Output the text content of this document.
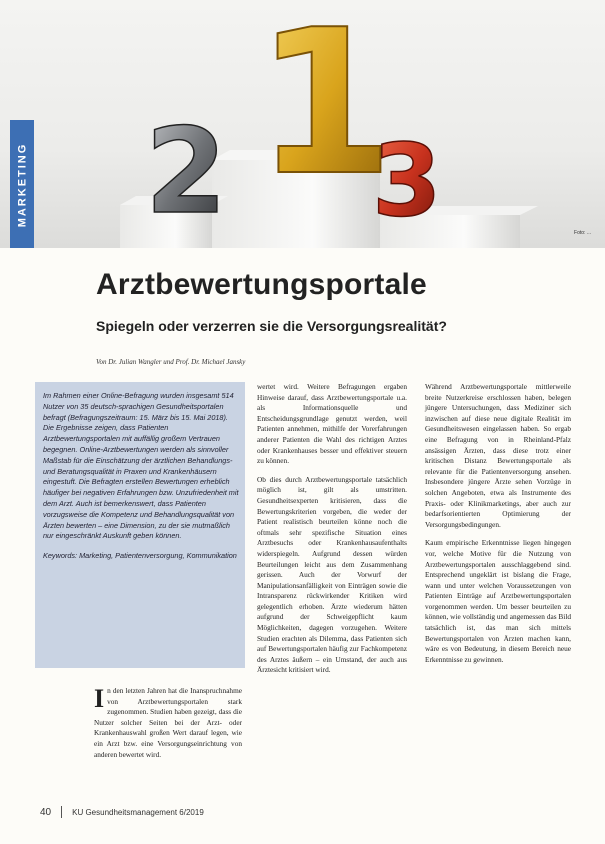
1
2 3
MARKETING
Foto: ...
Arztbewertungsportale
Spiegeln oder verzerren sie die Versorgungsrealität?
Von Dr. Julian Wangler und Prof. Dr. Michael Jansky

Im Rahmen einer Online-Befragung wurden insgesamt 514 Nutzer von 35 deutsch-sprachigen Gesundheitsportalen befragt (Befragungszeitraum: 15. März bis 15. Mai 2018). Die Ergebnisse zeigen, dass Patienten Arztbewertungsportalen mit auffällig großem Vertrauen begegnen. Online-Arztbewertungen werden als sinnvoller Maßstab für die Einschätzung der ärztlichen Behandlungs- und Beratungsqualität in Praxen und Krankenhäusern eingestuft. Die Befragten erstellen Bewertungen erheblich häufiger bei negativen Erfahrungen bzw. Unzufriedenheit mit dem Arzt. Auch ist bemerkenswert, dass Patienten vorzugsweise die Kompetenz und Behandlungsqualität von Ärzten bewerten – eine Dimension, zu der sie mutmaßlich nur eingeschränkt Auskunft geben können.

Keywords: Marketing, Patientenversorgung, Kommunikation

In den letzten Jahren hat die Inanspruchnahme von Arztbewertungsportalen stark zugenommen. Studien haben gezeigt, dass die Nutzer solcher Seiten bei der Arzt- oder Krankenhauswahl großen Wert darauf legen, wie ein Arzt bzw. eine Versorgungseinrichtung von anderen bewertet wird.

wertet wird. Weitere Befragungen ergaben Hinweise darauf, dass Arztbewertungsportale u.a. als Informationsquelle und Entscheidungsgrundlage genutzt werden, weil Patienten annehmen, mithilfe der Vorerfahrungen anderer Patienten die Wahl des richtigen Arztes oder Krankenhauses besser und effektiver steuern zu können.

Ob dies durch Arztbewertungsportale tatsächlich möglich ist, gilt als umstritten. Gesundheitsexperten kritisieren, dass die Bewertungskriterien vorgeben, die weder der Patient realistisch beurteilen könne noch die oftmals sehr spezifische Situation eines Arztbesuchs oder Krankenhausaufenthalts widerspiegeln. Aufgrund dessen würden Beurteilungen leicht aus dem Zusammenhang gerissen. Auch der Vorwurf der Manipulationsanfälligkeit von Einträgen sowie die Intransparenz rückwirkender Kritiken wird gelegentlich erhoben. Ärzte wiederum hätten aufgrund der Schweigepflicht kaum Möglichkeiten, dagegen vorzugehen. Weitere Studien erachten als Dilemma, dass Patienten sich auf Bewertungsportalen häufig zur Fachkompetenz des Arztes äußern – ein Umstand, der auch aus Ärztesicht kritisiert wird.

Während Arztbewertungsportale mittlerweile breite Nutzerkreise erschlossen haben, belegen jüngere Untersuchungen, dass Mediziner sich inzwischen auf diese neue digitale Realität im Gesundheitswesen eingelassen haben. So ergab eine Befragung von in Rheinland-Pfalz ansässigen Ärzten, dass diese trotz einer kritischen Distanz Bewertungsportale als relevante für die Patientenversorgung ansehen. Insbesondere jüngere Ärzte sehen Vorzüge in solchen Angeboten, etwa als Instrumente des Praxis- oder Klinikmarketings, aber auch zur bedarfsorientierten Optimierung der Versorgungsbedingungen.

Kaum empirische Erkenntnisse liegen hingegen vor, welche Motive für die Nutzung von Arztbewertungsportalen ausschlaggebend sind. Entsprechend ungeklärt ist bislang die Frage, wann und unter welchen Voraussetzungen von Patienten Einträge auf Arztbewertungsportalen vorgenommen werden. Um besser beurteilen zu können, wie vollständig und angemessen das Bild tatsächlich ist, das man sich mittels Bewertungsportalen von Ärzten machen kann, wäre es von Bedeutung, in diesem Bereich neue Erkenntnisse zu gewinnen.

40	KU Gesundheitsmanagement 6/2019
